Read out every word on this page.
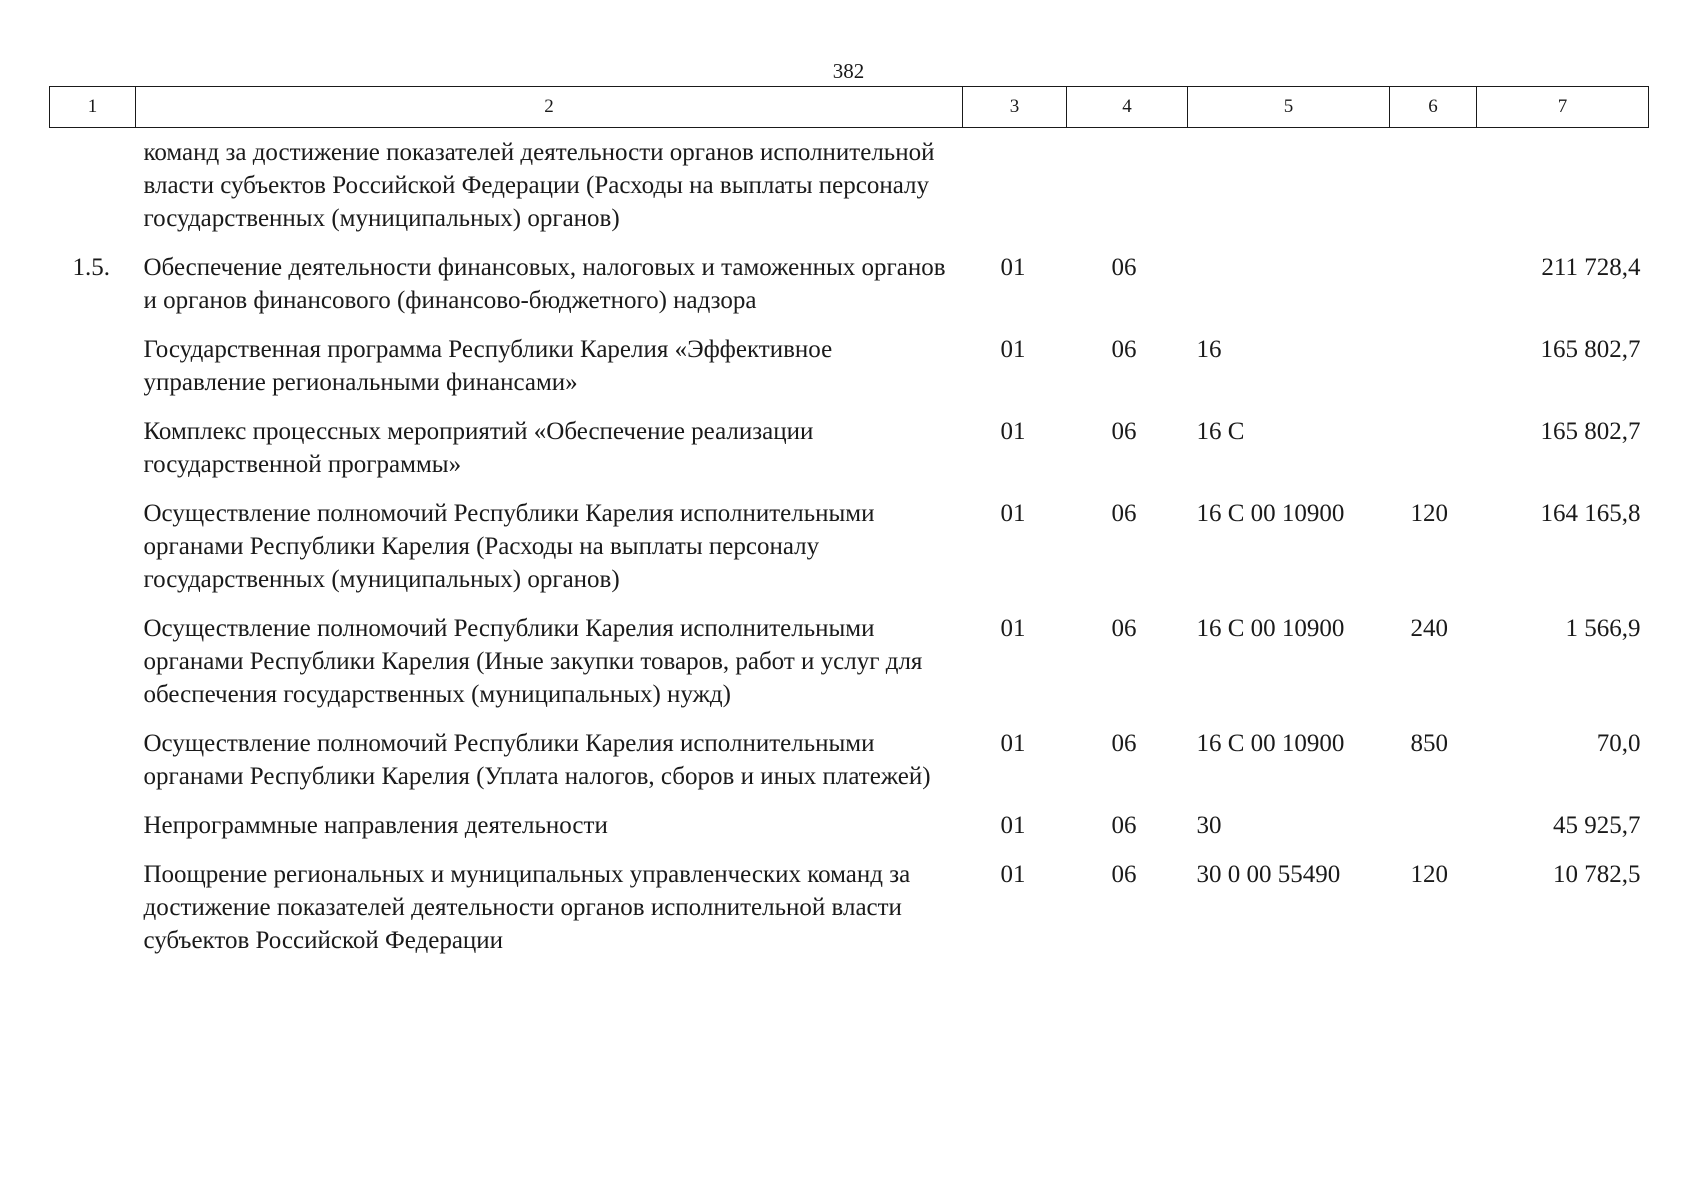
382
1	2	3	4	5	6	7
	команд за достижение показателей деятельности органов исполнительной власти субъектов Российской Федерации (Расходы на выплаты персоналу государственных (муниципальных) органов)					
1.5.	Обеспечение деятельности финансовых, налоговых и таможенных органов и органов финансового (финансово-бюджетного) надзора	01	06			211 728,4
	Государственная программа Республики Карелия «Эффективное управление региональными финансами»	01	06	16		165 802,7
	Комплекс процессных мероприятий «Обеспечение реализации государственной программы»	01	06	16 С		165 802,7
	Осуществление полномочий Республики Карелия исполнительными органами Республики Карелия (Расходы на выплаты персоналу государственных (муниципальных) органов)	01	06	16 С 00 10900	120	164 165,8
	Осуществление полномочий Республики Карелия исполнительными органами Республики Карелия (Иные закупки товаров, работ и услуг для обеспечения государственных (муниципальных) нужд)	01	06	16 С 00 10900	240	1 566,9
	Осуществление полномочий Республики Карелия исполнительными органами Республики Карелия (Уплата налогов, сборов и иных платежей)	01	06	16 С 00 10900	850	70,0
	Непрограммные направления деятельности	01	06	30		45 925,7
	Поощрение региональных и муниципальных управленческих команд за достижение показателей деятельности органов исполнительной власти субъектов Российской Федерации	01	06	30 0 00 55490	120	10 782,5
